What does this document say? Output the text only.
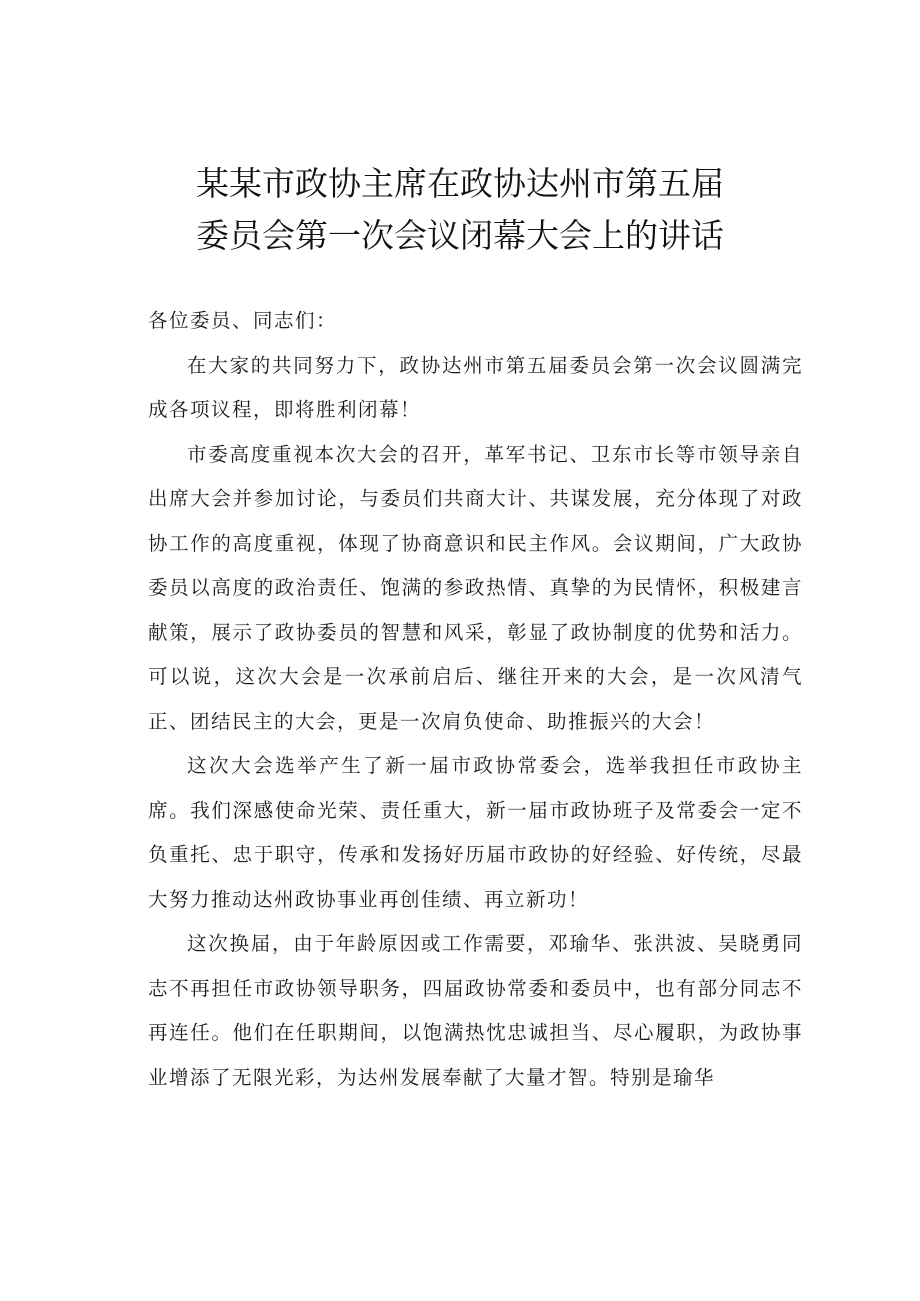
某某市政协主席在政协达州市第五届
委员会第一次会议闭幕大会上的讲话

各位委员、同志们：

在大家的共同努力下，政协达州市第五届委员会第一次会议圆满完成各项议程，即将胜利闭幕！

市委高度重视本次大会的召开，革军书记、卫东市长等市领导亲自出席大会并参加讨论，与委员们共商大计、共谋发展，充分体现了对政协工作的高度重视，体现了协商意识和民主作风。会议期间，广大政协委员以高度的政治责任、饱满的参政热情、真挚的为民情怀，积极建言献策，展示了政协委员的智慧和风采，彰显了政协制度的优势和活力。可以说，这次大会是一次承前启后、继往开来的大会，是一次风清气正、团结民主的大会，更是一次肩负使命、助推振兴的大会！

这次大会选举产生了新一届市政协常委会，选举我担任市政协主席。我们深感使命光荣、责任重大，新一届市政协班子及常委会一定不负重托、忠于职守，传承和发扬好历届市政协的好经验、好传统，尽最大努力推动达州政协事业再创佳绩、再立新功！

这次换届，由于年龄原因或工作需要，邓瑜华、张洪波、吴晓勇同志不再担任市政协领导职务，四届政协常委和委员中，也有部分同志不再连任。他们在任职期间，以饱满热忱忠诚担当、尽心履职，为政协事业增添了无限光彩，为达州发展奉献了大量才智。特别是瑜华
